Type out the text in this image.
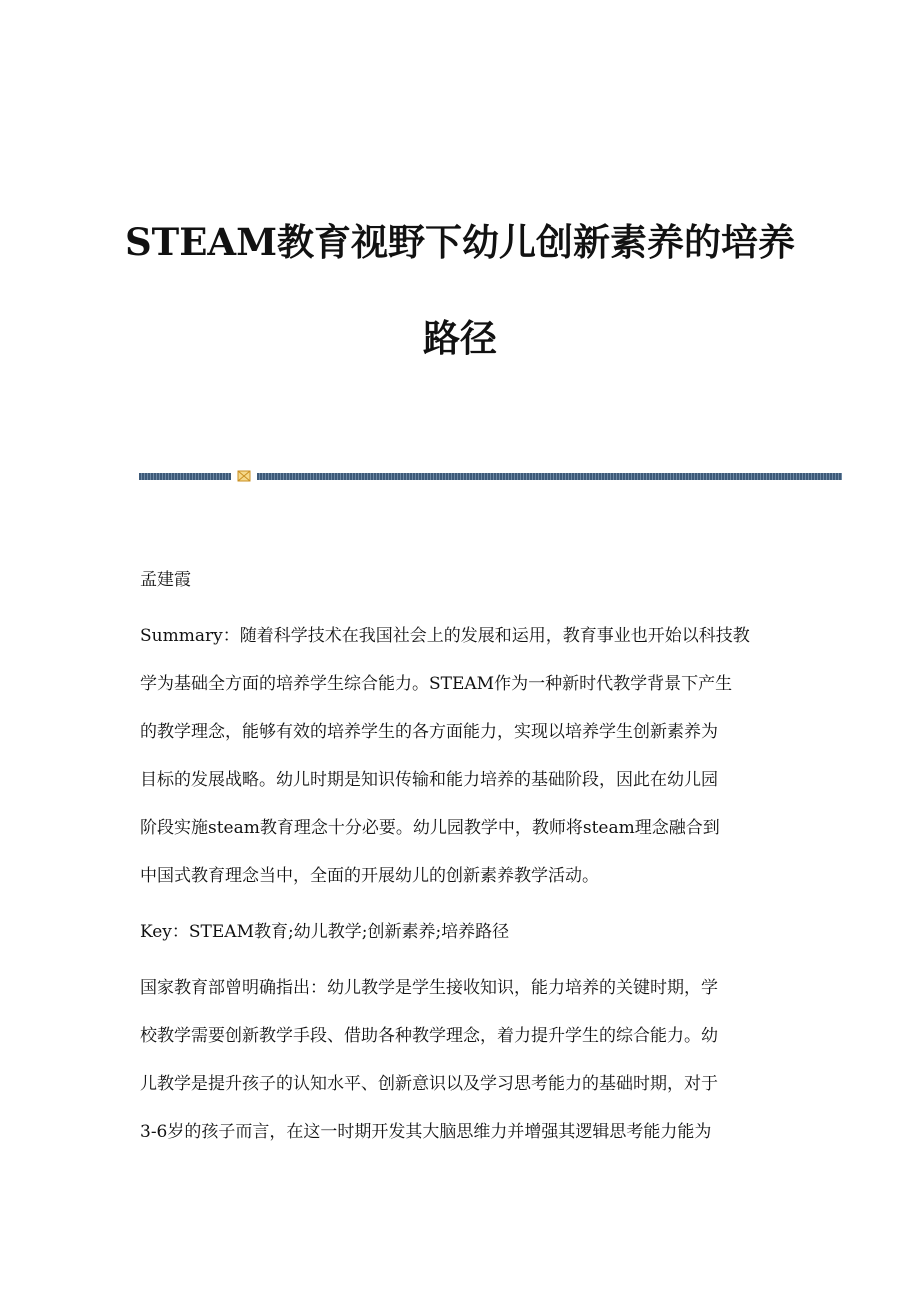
STEAM教育视野下幼儿创新素养的培养
路径

孟建霞

Summary：随着科学技术在我国社会上的发展和运用，教育事业也开始以科技教

学为基础全方面的培养学生综合能力。STEAM作为一种新时代教学背景下产生

的教学理念，能够有效的培养学生的各方面能力，实现以培养学生创新素养为

目标的发展战略。幼儿时期是知识传输和能力培养的基础阶段，因此在幼儿园

阶段实施steam教育理念十分必要。幼儿园教学中，教师将steam理念融合到

中国式教育理念当中，全面的开展幼儿的创新素养教学活动。

Key：STEAM教育;幼儿教学;创新素养;培养路径

国家教育部曾明确指出：幼儿教学是学生接收知识，能力培养的关键时期，学

校教学需要创新教学手段、借助各种教学理念，着力提升学生的综合能力。幼

儿教学是提升孩子的认知水平、创新意识以及学习思考能力的基础时期，对于

3-6岁的孩子而言，在这一时期开发其大脑思维力并增强其逻辑思考能力能为
